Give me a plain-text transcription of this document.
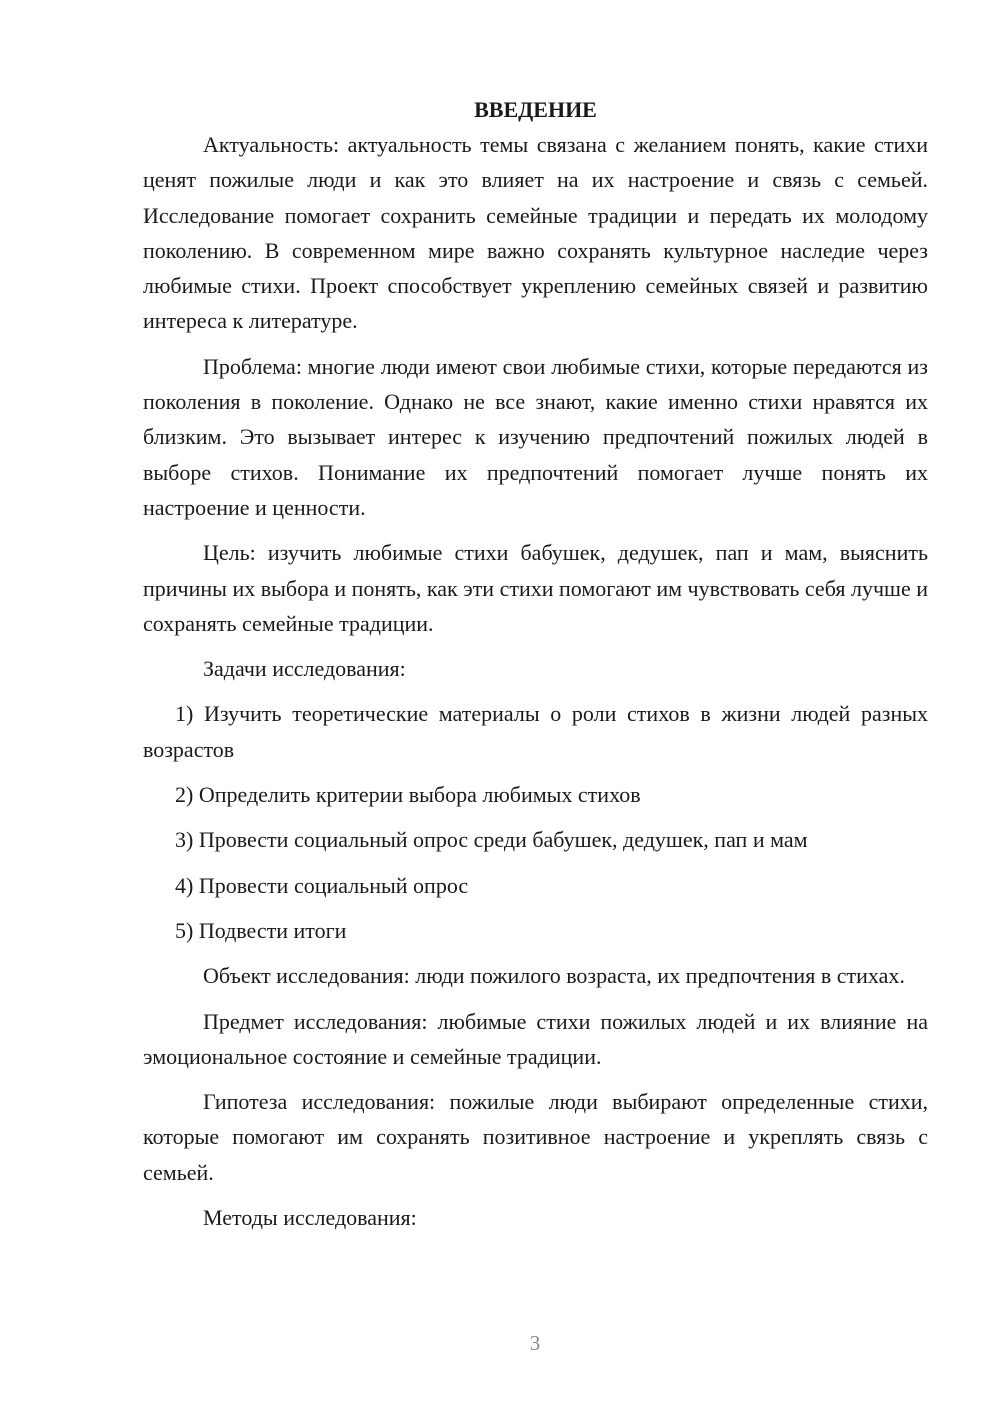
ВВЕДЕНИЕ

Актуальность: актуальность темы связана с желанием понять, какие стихи ценят пожилые люди и как это влияет на их настроение и связь с семьей. Исследование помогает сохранить семейные традиции и передать их молодому поколению. В современном мире важно сохранять культурное наследие через любимые стихи. Проект способствует укреплению семейных связей и развитию интереса к литературе.

Проблема: многие люди имеют свои любимые стихи, которые передаются из поколения в поколение. Однако не все знают, какие именно стихи нравятся их близким. Это вызывает интерес к изучению предпочтений пожилых людей в выборе стихов. Понимание их предпочтений помогает лучше понять их настроение и ценности.

Цель: изучить любимые стихи бабушек, дедушек, пап и мам, выяснить причины их выбора и понять, как эти стихи помогают им чувствовать себя лучше и сохранять семейные традиции.

Задачи исследования:

1) Изучить теоретические материалы о роли стихов в жизни людей разных возрастов

2) Определить критерии выбора любимых стихов

3) Провести социальный опрос среди бабушек, дедушек, пап и мам

4) Провести социальный опрос

5) Подвести итоги

Объект исследования: люди пожилого возраста, их предпочтения в стихах.

Предмет исследования: любимые стихи пожилых людей и их влияние на эмоциональное состояние и семейные традиции.

Гипотеза исследования: пожилые люди выбирают определенные стихи, которые помогают им сохранять позитивное настроение и укреплять связь с семьей.

Методы исследования:

3
